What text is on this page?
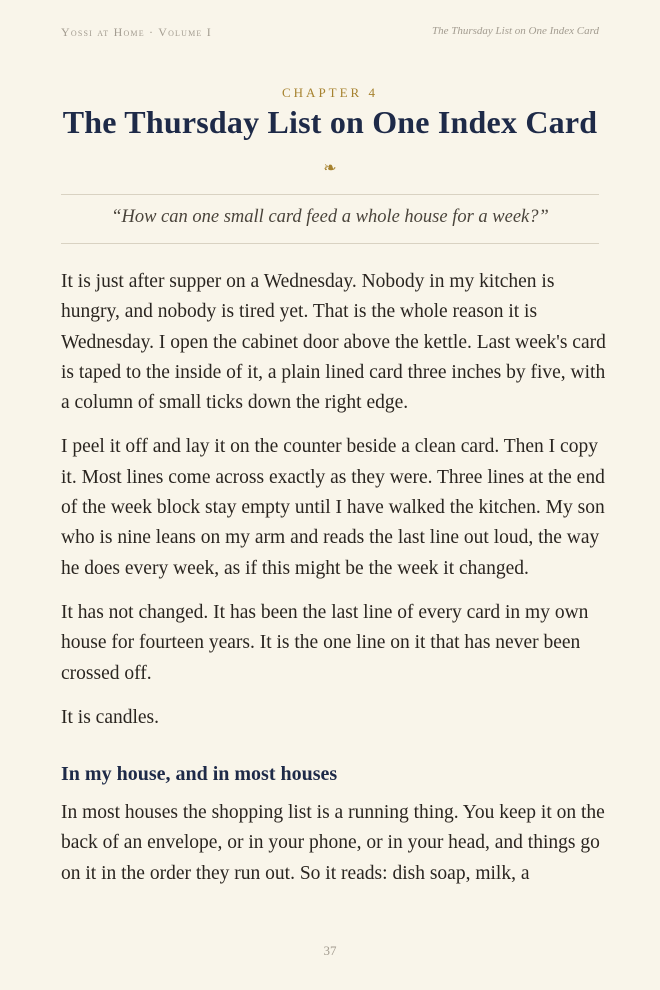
Yossi at Home · Volume I	The Thursday List on One Index Card
CHAPTER 4
The Thursday List on One Index Card
❧
“How can one small card feed a whole house for a week?”

It is just after supper on a Wednesday. Nobody in my kitchen is hungry, and nobody is tired yet. That is the whole reason it is Wednesday. I open the cabinet door above the kettle. Last week's card is taped to the inside of it, a plain lined card three inches by five, with a column of small ticks down the right edge.

I peel it off and lay it on the counter beside a clean card. Then I copy it. Most lines come across exactly as they were. Three lines at the end of the week block stay empty until I have walked the kitchen. My son who is nine leans on my arm and reads the last line out loud, the way he does every week, as if this might be the week it changed.

It has not changed. It has been the last line of every card in my own house for fourteen years. It is the one line on it that has never been crossed off.

It is candles.

In my house, and in most houses

In most houses the shopping list is a running thing. You keep it on the back of an envelope, or in your phone, or in your head, and things go on it in the order they run out. So it reads: dish soap, milk, a

37
